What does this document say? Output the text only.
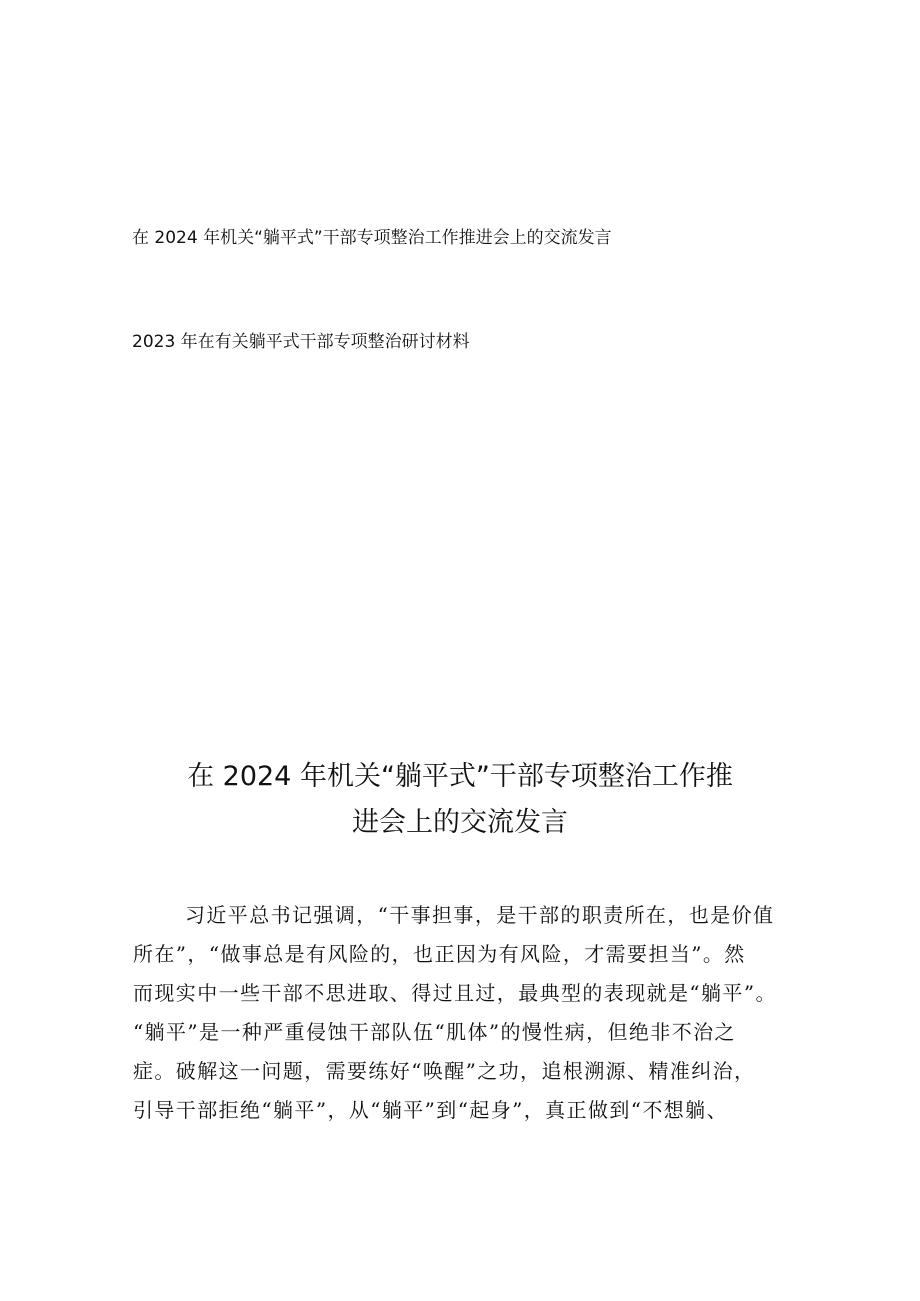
在 2024 年机关“躺平式”干部专项整治工作推进会上的交流发言
2023 年在有关躺平式干部专项整治研讨材料
在 2024 年机关“躺平式”干部专项整治工作推
进会上的交流发言
习近平总书记强调，“干事担事，是干部的职责所在，也是价值
所在”，“做事总是有风险的，也正因为有风险，才需要担当”。然
而现实中一些干部不思进取、得过且过，最典型的表现就是“躺平”。
“躺平”是一种严重侵蚀干部队伍“肌体”的慢性病，但绝非不治之
症。破解这一问题，需要练好“唤醒”之功，追根溯源、精准纠治，
引导干部拒绝“躺平”，从“躺平”到“起身”，真正做到“不想躺、
